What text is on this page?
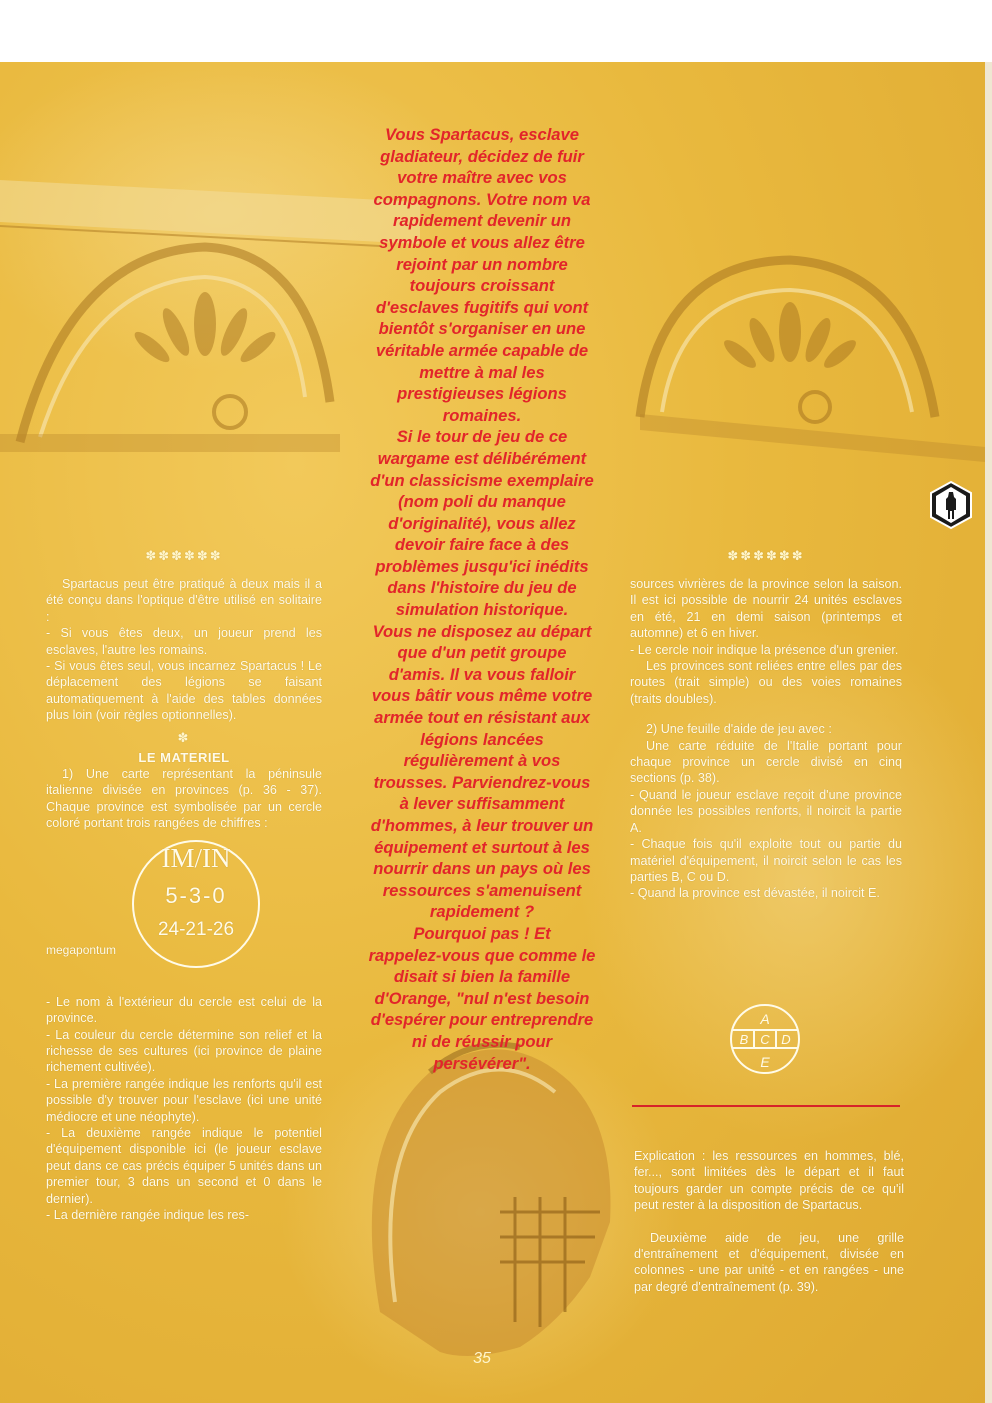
Vous Spartacus, esclave

gladiateur, décidez de fuir

votre maître avec vos

compagnons. Votre nom va

rapidement devenir un

symbole et vous allez être

rejoint par un nombre

toujours croissant

d'esclaves fugitifs qui vont

bientôt s'organiser en une

véritable armée capable de

mettre à mal les

prestigieuses légions

romaines.

Si le tour de jeu de ce

wargame est délibérément

d'un classicisme exemplaire

(nom poli du manque

d'originalité), vous allez

devoir faire face à des

problèmes jusqu'ici inédits

dans l'histoire du jeu de

simulation historique.

Vous ne disposez au départ

que d'un petit groupe

d'amis. Il va vous falloir

vous bâtir vous même votre

armée tout en résistant aux

légions lancées

régulièrement à vos

trousses. Parviendrez-vous

à lever suffisamment

d'hommes, à leur trouver un

équipement et surtout à les

nourrir dans un pays où les

ressources s'amenuisent

rapidement ?

Pourquoi pas ! Et

rappelez-vous que comme le

disait si bien la famille

d'Orange, "nul n'est besoin

d'espérer pour entreprendre

ni de réussir pour

persévérer".

✽✽✽✽✽✽

Spartacus peut être pratiqué à deux mais il a été conçu dans l'optique d'être utilisé en solitaire :

- Si vous êtes deux, un joueur prend les esclaves, l'autre les romains.

- Si vous êtes seul, vous incarnez Spartacus ! Le déplacement des légions se faisant automatiquement à l'aide des tables données plus loin (voir règles optionnelles).

✽

LE MATERIEL

1) Une carte représentant la péninsule italienne divisée en provinces (p. 36 - 37). Chaque province est symbolisée par un cercle coloré portant trois rangées de chiffres :

IM/IN
5-3-0
24-21-26
megapontum

- Le nom à l'extérieur du cercle est celui de la province.

- La couleur du cercle détermine son relief et la richesse de ses cultures (ici province de plaine richement cultivée).

- La première rangée indique les renforts qu'il est possible d'y trouver pour l'esclave (ici une unité médiocre et une néophyte).

- La deuxième rangée indique le potentiel d'équipement disponible ici (le joueur esclave peut dans ce cas précis équiper 5 unités dans un premier tour, 3 dans un second et 0 dans le dernier).

- La dernière rangée indique les res-

✽✽✽✽✽✽

sources vivrières de la province selon la saison. Il est ici possible de nourrir 24 unités esclaves en été, 21 en demi saison (printemps et automne) et 6 en hiver.

- Le cercle noir indique la présence d'un grenier.

Les provinces sont reliées entre elles par des routes (trait simple) ou des voies romaines (traits doubles).

2) Une feuille d'aide de jeu avec :

Une carte réduite de l'Italie portant pour chaque province un cercle divisé en cinq sections (p. 38).

- Quand le joueur esclave reçoit d'une province donnée les possibles renforts, il noircit la partie A.

- Chaque fois qu'il exploite tout ou partie du matériel d'équipement, il noircit selon le cas les parties B, C ou D.

- Quand la province est dévastée, il noircit E.

A
B C D
E

Explication : les ressources en hommes, blé, fer..., sont limitées dès le départ et il faut toujours garder un compte précis de ce qu'il peut rester à la disposition de Spartacus.

Deuxième aide de jeu, une grille d'entraînement et d'équipement, divisée en colonnes - une par unité - et en rangées - une par degré d'entraînement (p. 39).

35
